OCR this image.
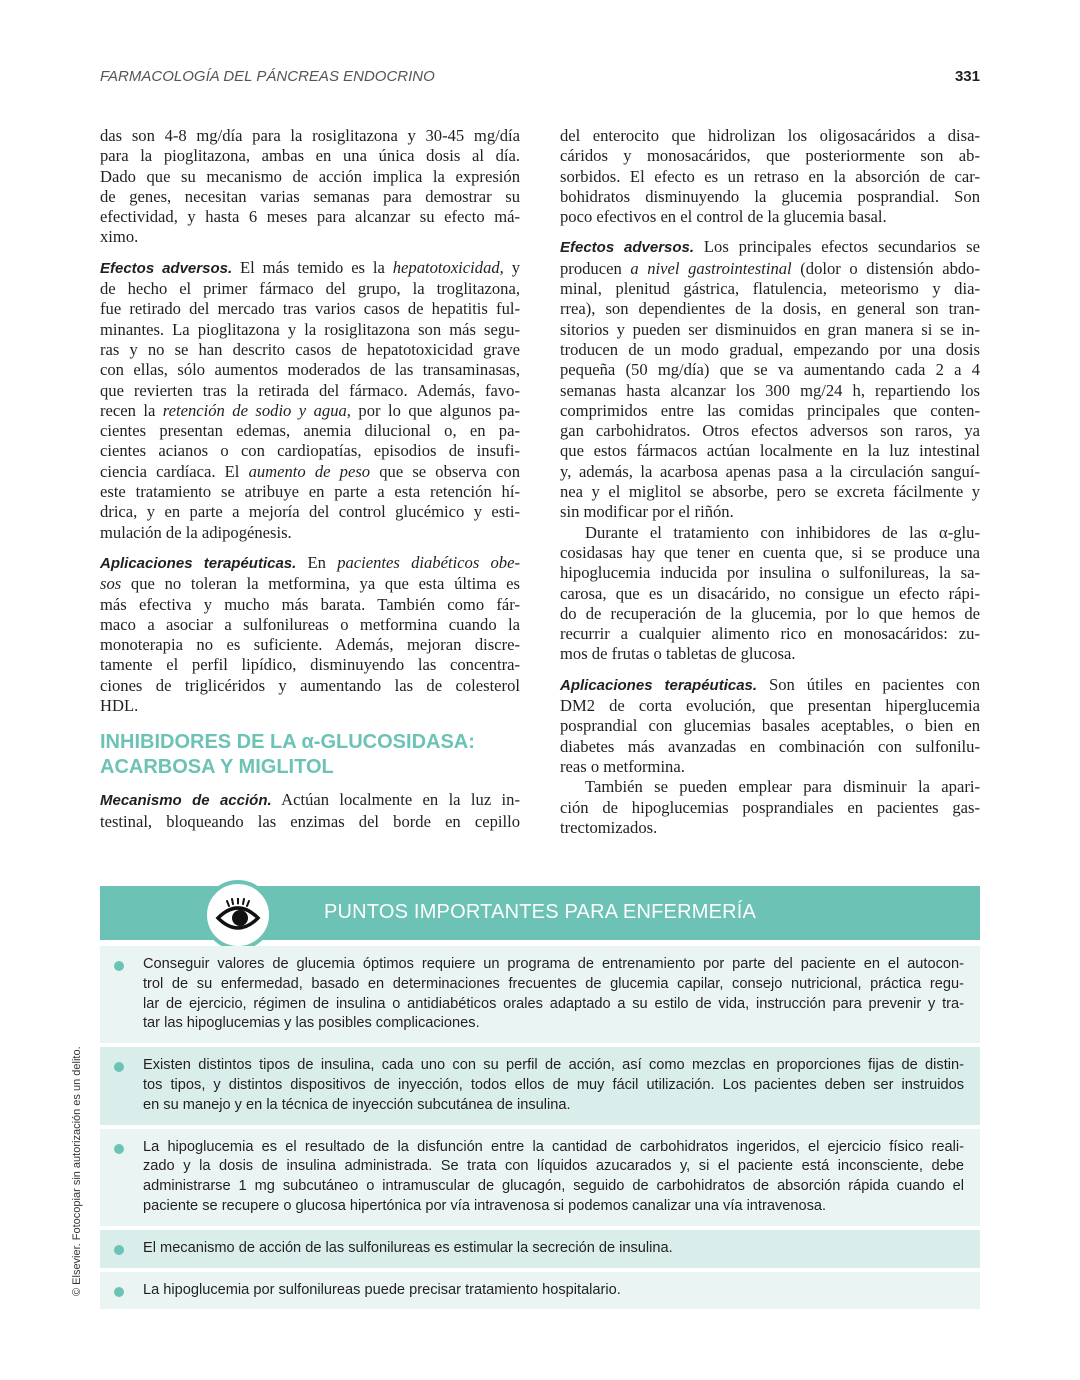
FARMACOLOGÍA DEL PÁNCREAS ENDOCRINO	331
das son 4-8 mg/día para la rosiglitazona y 30-45 mg/día
para la pioglitazona, ambas en una única dosis al día.
Dado que su mecanismo de acción implica la expresión
de genes, necesitan varias semanas para demostrar su
efectividad, y hasta 6 meses para alcanzar su efecto má-
ximo.
Efectos adversos. El más temido es la hepatotoxicidad, y
de hecho el primer fármaco del grupo, la troglitazona,
fue retirado del mercado tras varios casos de hepatitis ful-
minantes. La pioglitazona y la rosiglitazona son más segu-
ras y no se han descrito casos de hepatotoxicidad grave
con ellas, sólo aumentos moderados de las transaminasas,
que revierten tras la retirada del fármaco. Además, favo-
recen la retención de sodio y agua, por lo que algunos pa-
cientes presentan edemas, anemia dilucional o, en pa-
cientes acianos o con cardiopatías, episodios de insufi-
ciencia cardíaca. El aumento de peso que se observa con
este tratamiento se atribuye en parte a esta retención hí-
drica, y en parte a mejoría del control glucémico y esti-
mulación de la adipogénesis.
Aplicaciones terapéuticas. En pacientes diabéticos obe-
sos que no toleran la metformina, ya que esta última es
más efectiva y mucho más barata. También como fár-
maco a asociar a sulfonilureas o metformina cuando la
monoterapia no es suficiente. Además, mejoran discre-
tamente el perfil lipídico, disminuyendo las concentra-
ciones de triglicéridos y aumentando las de colesterol
HDL.
INHIBIDORES DE LA α-GLUCOSIDASA:
ACARBOSA Y MIGLITOL
Mecanismo de acción. Actúan localmente en la luz in-
testinal, bloqueando las enzimas del borde en cepillo
del enterocito que hidrolizan los oligosacáridos a disa-
cáridos y monosacáridos, que posteriormente son ab-
sorbidos. El efecto es un retraso en la absorción de car-
bohidratos disminuyendo la glucemia posprandial. Son
poco efectivos en el control de la glucemia basal.
Efectos adversos. Los principales efectos secundarios se
producen a nivel gastrointestinal (dolor o distensión abdo-
minal, plenitud gástrica, flatulencia, meteorismo y dia-
rrea), son dependientes de la dosis, en general son tran-
sitorios y pueden ser disminuidos en gran manera si se in-
troducen de un modo gradual, empezando por una dosis
pequeña (50 mg/día) que se va aumentando cada 2 a 4
semanas hasta alcanzar los 300 mg/24 h, repartiendo los
comprimidos entre las comidas principales que conten-
gan carbohidratos. Otros efectos adversos son raros, ya
que estos fármacos actúan localmente en la luz intestinal
y, además, la acarbosa apenas pasa a la circulación sanguí-
nea y el miglitol se absorbe, pero se excreta fácilmente y
sin modificar por el riñón.
Durante el tratamiento con inhibidores de las α-glu-
cosidasas hay que tener en cuenta que, si se produce una
hipoglucemia inducida por insulina o sulfonilureas, la sa-
carosa, que es un disacárido, no consigue un efecto rápi-
do de recuperación de la glucemia, por lo que hemos de
recurrir a cualquier alimento rico en monosacáridos: zu-
mos de frutas o tabletas de glucosa.
Aplicaciones terapéuticas. Son útiles en pacientes con
DM2 de corta evolución, que presentan hiperglucemia
posprandial con glucemias basales aceptables, o bien en
diabetes más avanzadas en combinación con sulfonilu-
reas o metformina.
También se pueden emplear para disminuir la apari-
ción de hipoglucemias posprandiales en pacientes gas-
trectomizados.
PUNTOS IMPORTANTES PARA ENFERMERÍA
Conseguir valores de glucemia óptimos requiere un programa de entrenamiento por parte del paciente en el autocon-
trol de su enfermedad, basado en determinaciones frecuentes de glucemia capilar, consejo nutricional, práctica regu-
lar de ejercicio, régimen de insulina o antidiabéticos orales adaptado a su estilo de vida, instrucción para prevenir y tra-
tar las hipoglucemias y las posibles complicaciones.
Existen distintos tipos de insulina, cada uno con su perfil de acción, así como mezclas en proporciones fijas de distin-
tos tipos, y distintos dispositivos de inyección, todos ellos de muy fácil utilización. Los pacientes deben ser instruidos
en su manejo y en la técnica de inyección subcutánea de insulina.
La hipoglucemia es el resultado de la disfunción entre la cantidad de carbohidratos ingeridos, el ejercicio físico reali-
zado y la dosis de insulina administrada. Se trata con líquidos azucarados y, si el paciente está inconsciente, debe
administrarse 1 mg subcutáneo o intramuscular de glucagón, seguido de carbohidratos de absorción rápida cuando el
paciente se recupere o glucosa hipertónica por vía intravenosa si podemos canalizar una vía intravenosa.
El mecanismo de acción de las sulfonilureas es estimular la secreción de insulina.
La hipoglucemia por sulfonilureas puede precisar tratamiento hospitalario.
© Elsevier. Fotocopiar sin autorización es un delito.
